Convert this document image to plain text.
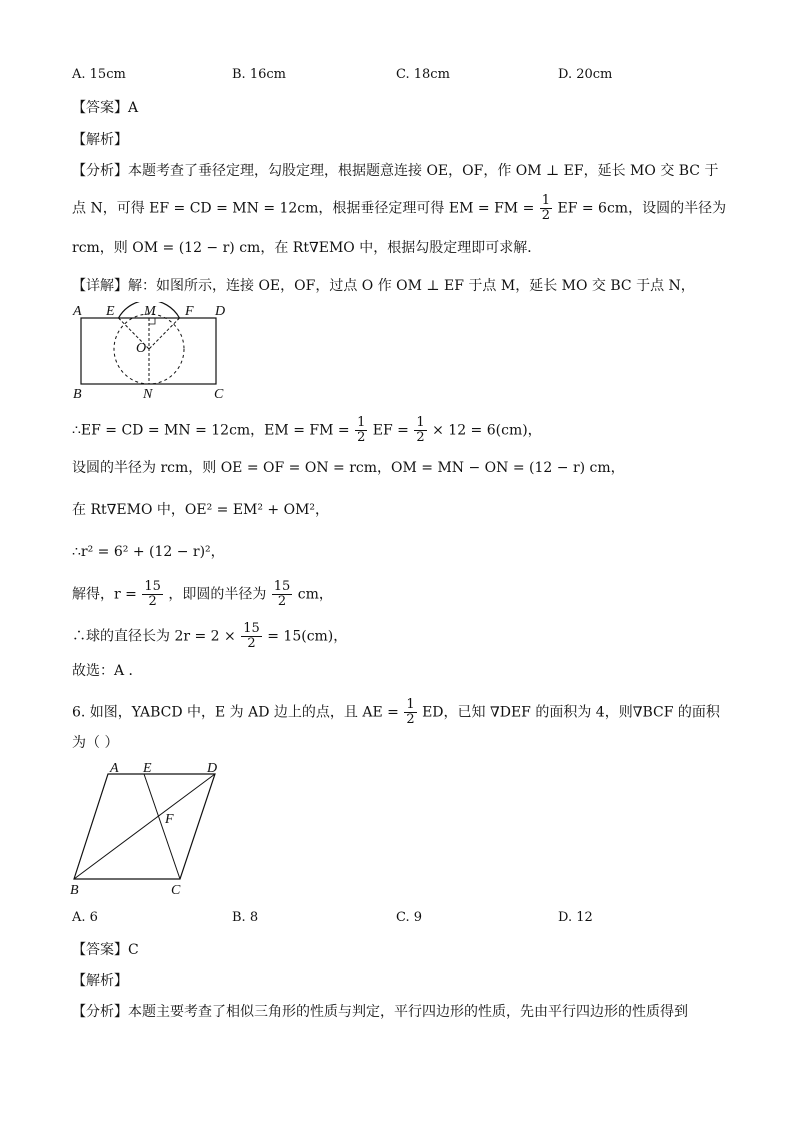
A. 15cm	B. 16cm	C. 18cm	D. 20cm
【答案】A
【解析】
【分析】本题考查了垂径定理，勾股定理，根据题意连接 OE，OF，作 OM ⊥ EF，延长 MO 交 BC 于
点 N，可得 EF = CD = MN = 12cm，根据垂径定理可得 EM = FM = $\frac{1}{2}$ EF = 6cm，设圆的半径为
rcm，则 OM = (12 − r) cm，在 Rt∇EMO 中，根据勾股定理即可求解．
【详解】解：如图所示，连接 OE，OF，过点 O 作 OM ⊥ EF 于点 M，延长 MO 交 BC 于点 N，
A E M F D
O
B	N	C
∴EF = CD = MN = 12cm，EM = FM = $\frac{1}{2}$ EF = $\frac{1}{2} \times 12 = 6(cm)$，
设圆的半径为 rcm，则 OE = OF = ON = rcm，OM = MN − ON = (12 − r) cm，
在 Rt∇EMO 中，OE² = EM² + OM²，
∴r² = 6² + (12 − r)²，
解得，$r = \frac{15}{2}$ ，即圆的半径为 $\frac{15}{2}$ cm，
∴球的直径长为 $2r = 2 \times \frac{15}{2} = 15(cm)$，
故选：A ．
6. 如图，YABCD 中，E 为 AD 边上的点，且 AE = $\frac{1}{2}$ ED，已知 ∇DEF 的面积为 4，则∇BCF 的面积
为（ ）
A E	D
F
B	C
A. 6	B. 8	C. 9	D. 12
【答案】C
【解析】
【分析】本题主要考查了相似三角形的性质与判定，平行四边形的性质，先由平行四边形的性质得到
